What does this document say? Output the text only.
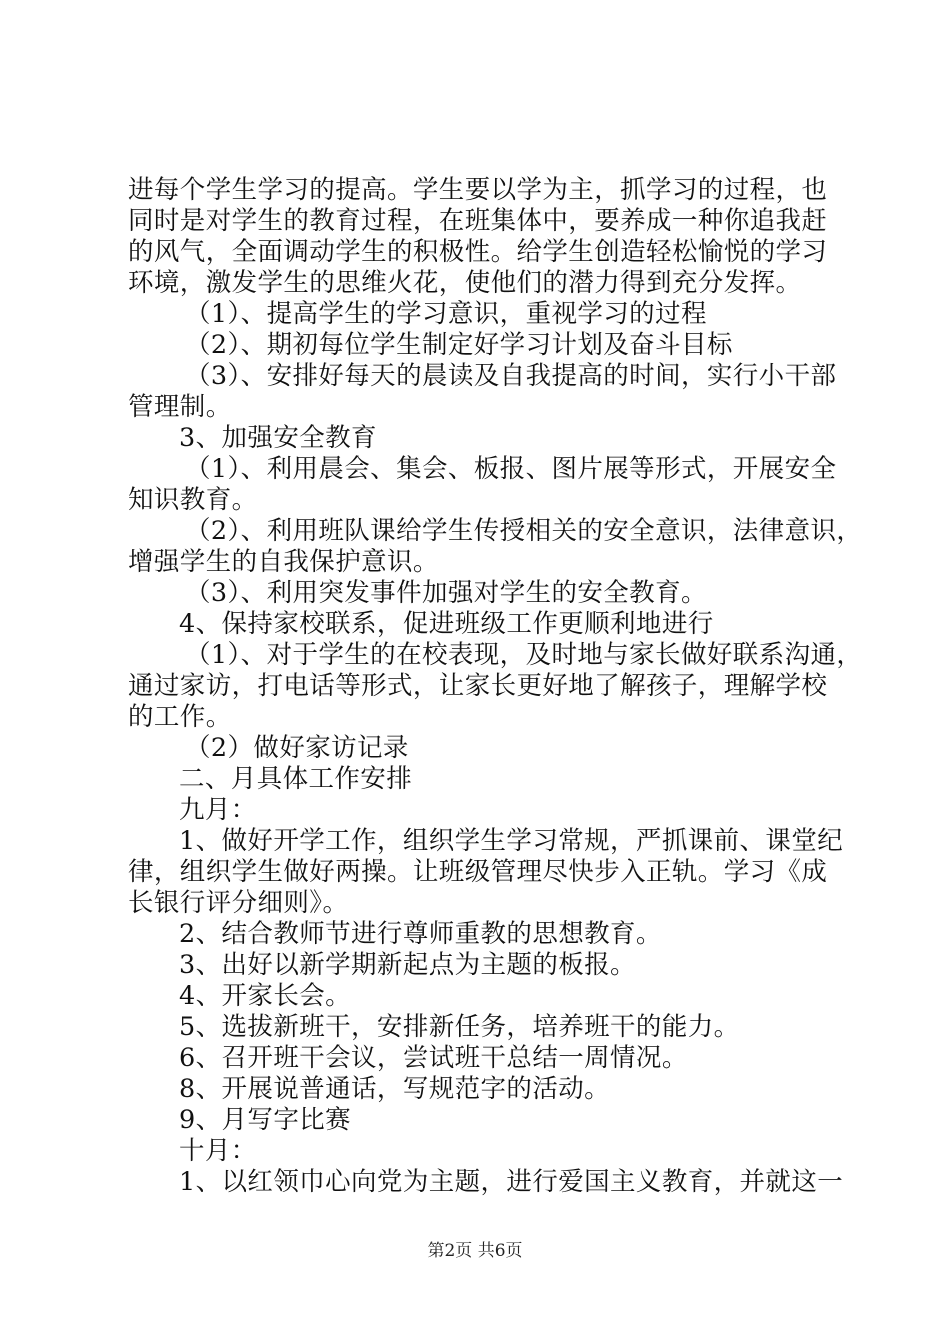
进每个学生学习的提高。学生要以学为主，抓学习的过程，也
同时是对学生的教育过程，在班集体中，要养成一种你追我赶
的风气，全面调动学生的积极性。给学生创造轻松愉悦的学习
环境，激发学生的思维火花，使他们的潜力得到充分发挥。
（1）、提高学生的学习意识，重视学习的过程
（2）、期初每位学生制定好学习计划及奋斗目标
（3）、安排好每天的晨读及自我提高的时间，实行小干部
管理制。
3、加强安全教育
（1）、利用晨会、集会、板报、图片展等形式，开展安全
知识教育。
（2）、利用班队课给学生传授相关的安全意识，法律意识，
增强学生的自我保护意识。
（3）、利用突发事件加强对学生的安全教育。
4、保持家校联系，促进班级工作更顺利地进行
（1）、对于学生的在校表现，及时地与家长做好联系沟通，
通过家访，打电话等形式，让家长更好地了解孩子，理解学校
的工作。
（2）做好家访记录
二、月具体工作安排
九月：
1、做好开学工作，组织学生学习常规，严抓课前、课堂纪
律，组织学生做好两操。让班级管理尽快步入正轨。学习《成
长银行评分细则》。
2、结合教师节进行尊师重教的思想教育。
3、出好以新学期新起点为主题的板报。
4、开家长会。
5、选拔新班干，安排新任务，培养班干的能力。
6、召开班干会议，尝试班干总结一周情况。
8、开展说普通话，写规范字的活动。
9、月写字比赛
十月：
1、以红领巾心向党为主题，进行爱国主义教育，并就这一
第2页 共6页
